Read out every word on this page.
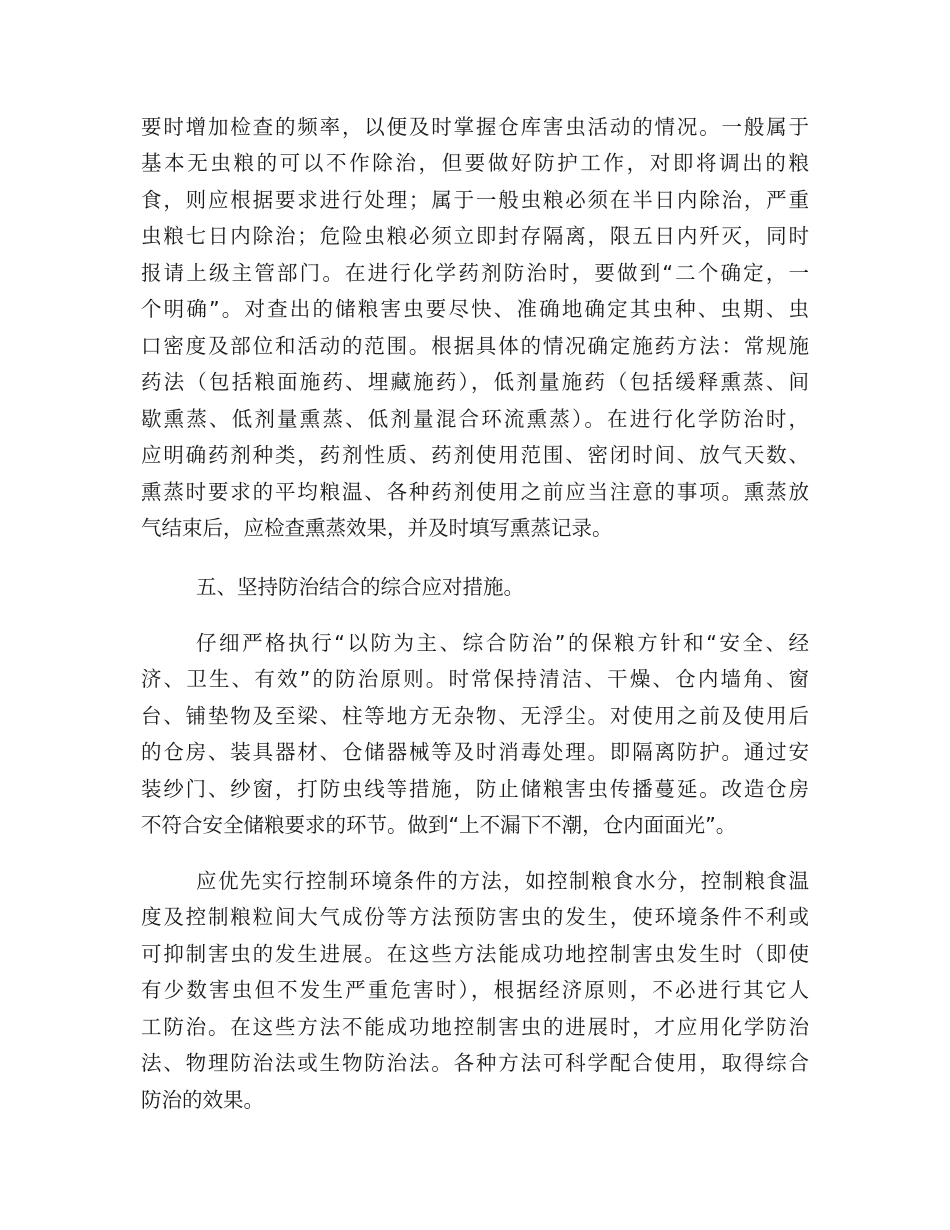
要时增加检查的频率，以便及时掌握仓库害虫活动的情况。一般属于
基本无虫粮的可以不作除治，但要做好防护工作，对即将调出的粮
食，则应根据要求进行处理；属于一般虫粮必须在半日内除治，严重
虫粮七日内除治；危险虫粮必须立即封存隔离，限五日内歼灭，同时
报请上级主管部门。在进行化学药剂防治时，要做到“二个确定，一
个明确”。对查出的储粮害虫要尽快、准确地确定其虫种、虫期、虫
口密度及部位和活动的范围。根据具体的情况确定施药方法：常规施
药法（包括粮面施药、埋藏施药），低剂量施药（包括缓释熏蒸、间
歇熏蒸、低剂量熏蒸、低剂量混合环流熏蒸）。在进行化学防治时，
应明确药剂种类，药剂性质、药剂使用范围、密闭时间、放气天数、
熏蒸时要求的平均粮温、各种药剂使用之前应当注意的事项。熏蒸放
气结束后，应检查熏蒸效果，并及时填写熏蒸记录。
五、坚持防治结合的综合应对措施。
仔细严格执行“以防为主、综合防治”的保粮方针和“安全、经
济、卫生、有效”的防治原则。时常保持清洁、干燥、仓内墙角、窗
台、铺垫物及至梁、柱等地方无杂物、无浮尘。对使用之前及使用后
的仓房、装具器材、仓储器械等及时消毒处理。即隔离防护。通过安
装纱门、纱窗，打防虫线等措施，防止储粮害虫传播蔓延。改造仓房
不符合安全储粮要求的环节。做到“上不漏下不潮，仓内面面光”。
应优先实行控制环境条件的方法，如控制粮食水分，控制粮食温
度及控制粮粒间大气成份等方法预防害虫的发生，使环境条件不利或
可抑制害虫的发生进展。在这些方法能成功地控制害虫发生时（即使
有少数害虫但不发生严重危害时），根据经济原则，不必进行其它人
工防治。在这些方法不能成功地控制害虫的进展时，才应用化学防治
法、物理防治法或生物防治法。各种方法可科学配合使用，取得综合
防治的效果。
